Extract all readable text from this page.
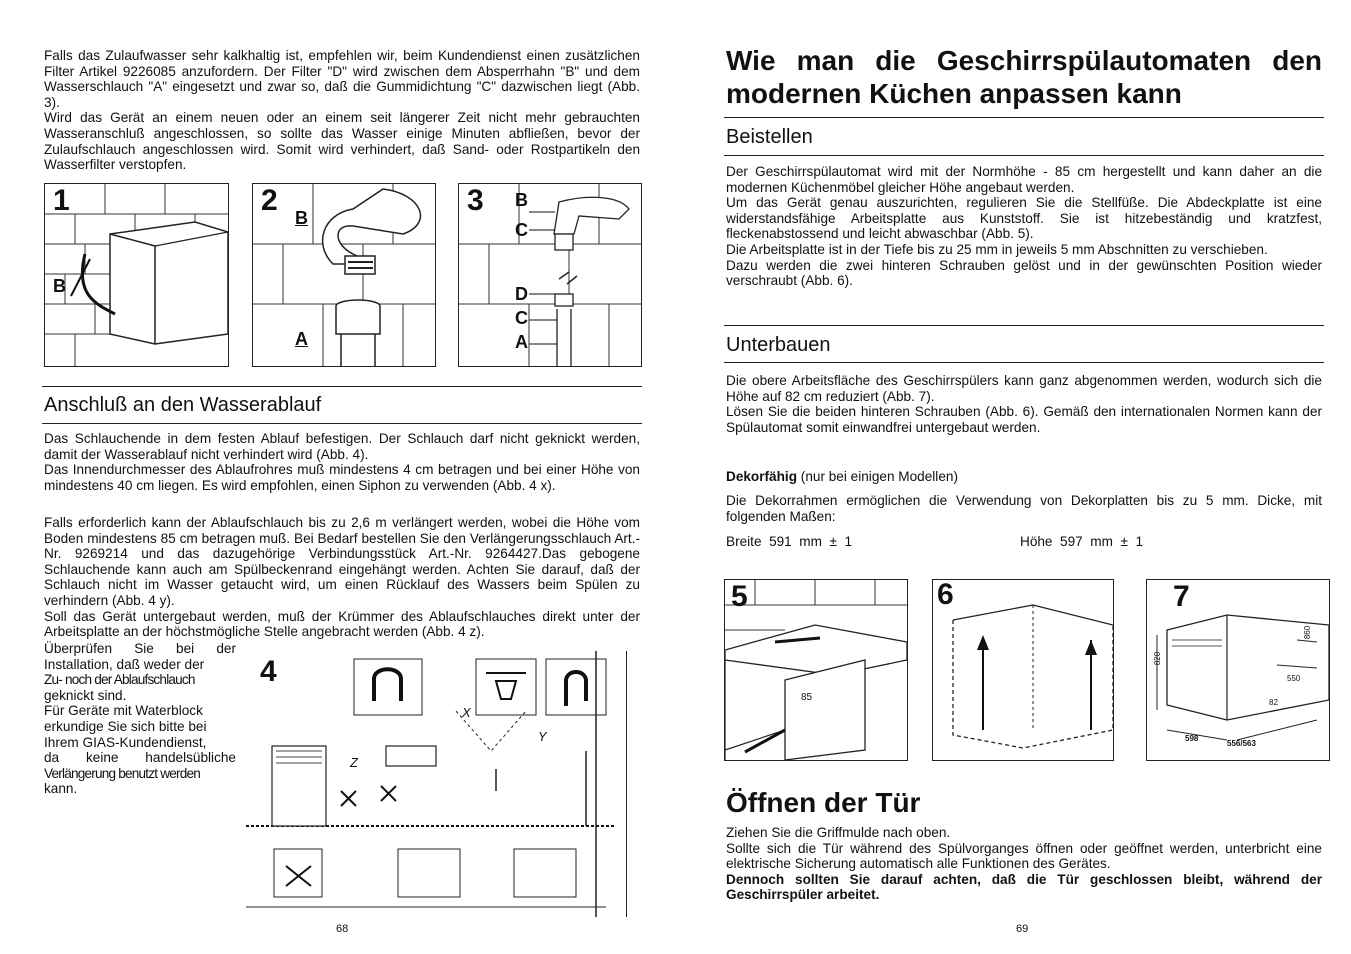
Falls das Zulaufwasser sehr kalkhaltig ist, empfehlen wir, beim Kundendienst einen zusätzlichen Filter Artikel 9226085 anzufordern. Der Filter "D" wird zwischen dem Absperrhahn "B" und dem Wasserschlauch "A" eingesetzt und zwar so, daß die Gummidichtung "C" dazwischen liegt (Abb. 3).
Wird das Gerät an einem neuen oder an einem seit längerer Zeit nicht mehr gebrauchten Wasseranschluß angeschlossen, so sollte das Wasser einige Minuten abfließen, bevor der Zulaufschlauch angeschlossen wird. Somit wird verhindert, daß Sand- oder Rostpartikeln den Wasserfilter verstopfen.
1
B
2
B
A
3 B
C
D
C
A
Anschluß an den Wasserablauf
Das Schlauchende in dem festen Ablauf befestigen. Der Schlauch darf nicht geknickt werden, damit der Wasserablauf nicht verhindert wird (Abb. 4).
Das Innendurchmesser des Ablaufrohres muß mindestens 4 cm betragen und bei einer Höhe von mindestens 40 cm liegen. Es wird empfohlen, einen Siphon zu verwenden (Abb. 4 x).
Falls erforderlich kann der Ablaufschlauch bis zu 2,6 m verlängert werden, wobei die Höhe vom Boden mindestens 85 cm betragen muß. Bei Bedarf bestellen Sie den Verlängerungsschlauch Art.-Nr. 9269214 und das dazugehörige Verbindungsstück Art.-Nr. 9264427.Das gebogene Schlauchende kann auch am Spülbeckenrand eingehängt werden. Achten Sie darauf, daß der Schlauch nicht im Wasser getaucht wird, um einen Rücklauf des Wassers beim Spülen zu verhindern (Abb. 4 y).
Soll das Gerät untergebaut werden, muß der Krümmer des Ablaufschlauches direkt unter der Arbeitsplatte an der höchstmögliche Stelle angebracht werden (Abb. 4 z).
Überprüfen Sie bei der
Installation, daß weder der
Zu- noch der Ablaufschlauch
geknickt sind.
Für Geräte mit Waterblock
erkundige Sie sich bitte bei
Ihrem GIAS-Kundendienst,
da keine handelsübliche
Verlängerung benutzt werden
kann.
4
X
Y
Z
68
Wie man die Geschirrspülautomaten den modernen Küchen anpassen kann
Beistellen
Der Geschirrspülautomat wird mit der Normhöhe - 85 cm hergestellt und kann daher an die modernen Küchenmöbel gleicher Höhe angebaut werden.
Um das Gerät genau auszurichten, regulieren Sie die Stellfüße. Die Abdeckplatte ist eine widerstandsfähige Arbeitsplatte aus Kunststoff. Sie ist hitzebeständig und kratzfest, fleckenabstossend und leicht abwaschbar (Abb. 5).
Die Arbeitsplatte ist in der Tiefe bis zu 25 mm in jeweils 5 mm Abschnitten zu verschieben.
Dazu werden die zwei hinteren Schrauben gelöst und in der gewünschten Position wieder verschraubt (Abb. 6).
Unterbauen
Die obere Arbeitsfläche des Geschirrspülers kann ganz abgenommen werden, wodurch sich die Höhe auf 82 cm reduziert (Abb. 7).
Lösen Sie die beiden hinteren Schrauben (Abb. 6). Gemäß den internationalen Normen kann der Spülautomat somit einwandfrei untergebaut werden.
Dekorfähig (nur bei einigen Modellen)
Die Dekorrahmen ermöglichen die Verwendung von Dekorplatten bis zu 5 mm. Dicke, mit folgenden Maßen:
Breite  591  mm  ±  1	Höhe  597  mm  ±  1
5
85
6	7
820
598
556/563
860
550
82
Öffnen der Tür
Ziehen Sie die Griffmulde nach oben.
Sollte sich die Tür während des Spülvorganges öffnen oder geöffnet werden, unterbricht eine elektrische Sicherung automatisch alle Funktionen des Gerätes.
Dennoch sollten Sie darauf achten, daß die Tür geschlossen bleibt, während der Geschirrspüler arbeitet.
69
